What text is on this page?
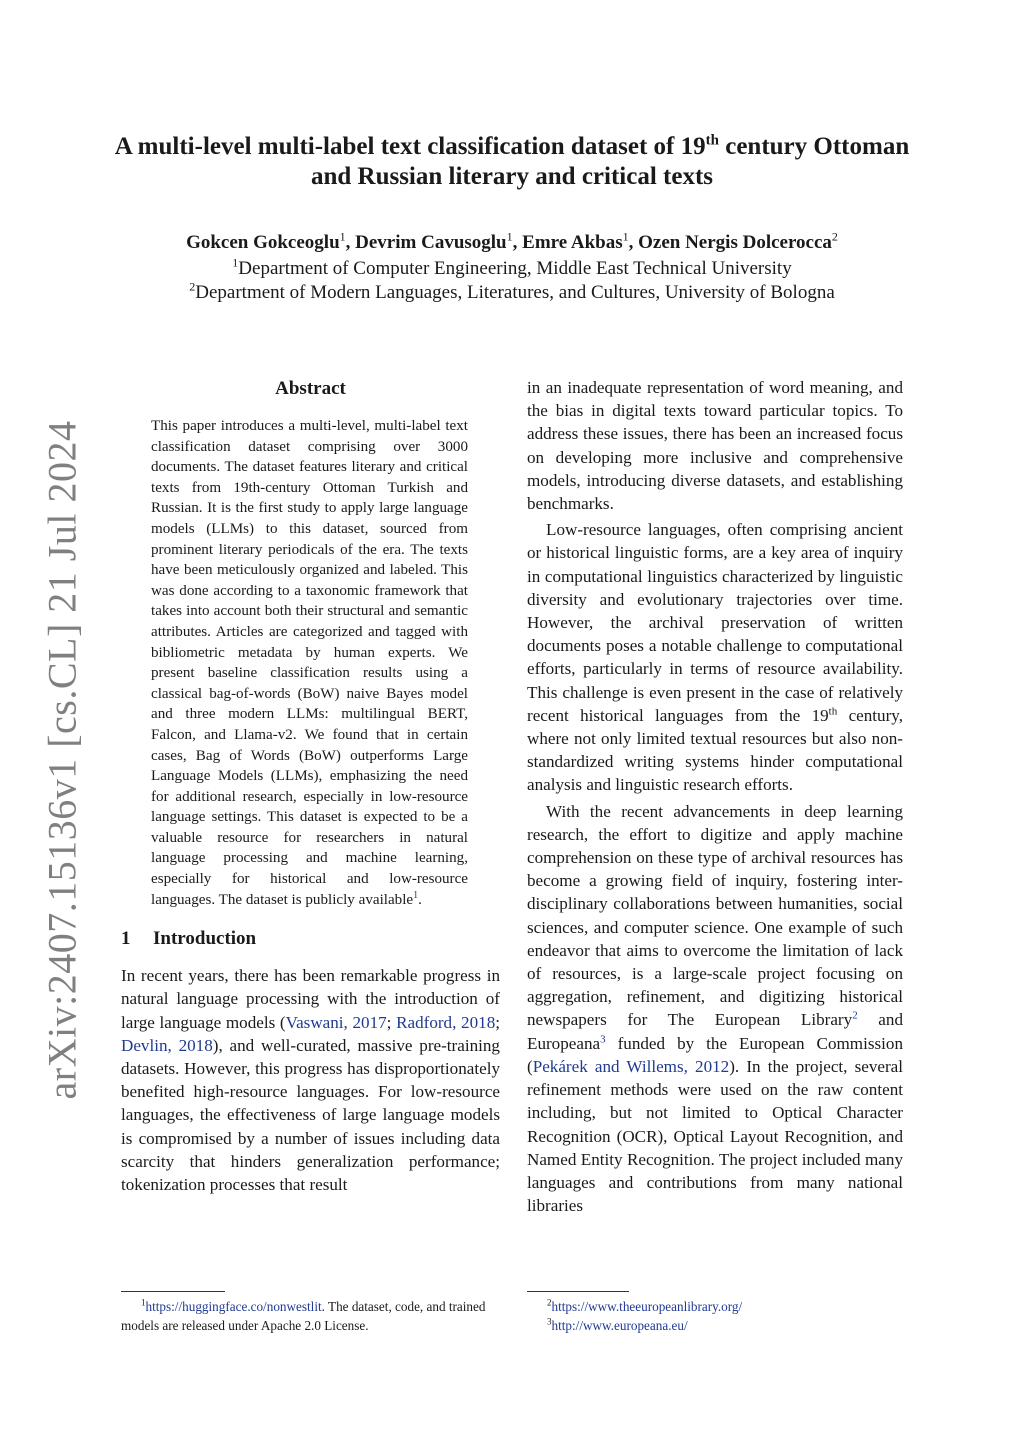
arXiv:2407.15136v1 [cs.CL] 21 Jul 2024
A multi-level multi-label text classification dataset of 19th century Ottoman
and Russian literary and critical texts
Gokcen Gokceoglu$^1$, Devrim Cavusoglu$^1$, Emre Akbas$^1$, Ozen Nergis Dolcerocca$^2$
$^1$Department of Computer Engineering, Middle East Technical University
$^2$Department of Modern Languages, Literatures, and Cultures, University of Bologna
Abstract

This paper introduces a multi-level, multi-label text classification dataset comprising over 3000 documents. The dataset features literary and critical texts from 19th-century Ottoman Turkish and Russian. It is the first study to apply large language models (LLMs) to this dataset, sourced from prominent literary periodicals of the era. The texts have been meticulously organized and labeled. This was done according to a taxonomic framework that takes into account both their structural and semantic attributes. Articles are categorized and tagged with bibliometric metadata by human experts. We present baseline classification results using a classical bag-of-words (BoW) naive Bayes model and three modern LLMs: multilingual BERT, Falcon, and Llama-v2. We found that in certain cases, Bag of Words (BoW) outperforms Large Language Models (LLMs), emphasizing the need for additional research, especially in low-resource language settings. This dataset is expected to be a valuable resource for researchers in natural language processing and machine learning, especially for historical and low-resource languages. The dataset is publicly available$^1$.

1 Introduction

In recent years, there has been remarkable progress in natural language processing with the introduction of large language models (Vaswani, 2017; Radford, 2018; Devlin, 2018), and well-curated, massive pre-training datasets. However, this progress has disproportionately benefited high-resource languages. For low-resource languages, the effectiveness of large language models is compromised by a number of issues including data scarcity that hinders generalization performance; tokenization processes that result

in an inadequate representation of word meaning, and the bias in digital texts toward particular topics. To address these issues, there has been an increased focus on developing more inclusive and comprehensive models, introducing diverse datasets, and establishing benchmarks.

Low-resource languages, often comprising ancient or historical linguistic forms, are a key area of inquiry in computational linguistics characterized by linguistic diversity and evolutionary trajectories over time. However, the archival preservation of written documents poses a notable challenge to computational efforts, particularly in terms of resource availability. This challenge is even present in the case of relatively recent historical languages from the 19th century, where not only limited textual resources but also non-standardized writing systems hinder computational analysis and linguistic research efforts.

With the recent advancements in deep learning research, the effort to digitize and apply machine comprehension on these type of archival resources has become a growing field of inquiry, fostering inter-disciplinary collaborations between humanities, social sciences, and computer science. One example of such endeavor that aims to overcome the limitation of lack of resources, is a large-scale project focusing on aggregation, refinement, and digitizing historical newspapers for The European Library$^2$ and Europeana$^3$ funded by the European Commission (Pekárek and Willems, 2012). In the project, several refinement methods were used on the raw content including, but not limited to Optical Character Recognition (OCR), Optical Layout Recognition, and Named Entity Recognition. The project included many languages and contributions from many national libraries

$^1$https://huggingface.co/nonwestlit. The dataset, code, and trained models are released under Apache 2.0 License.

$^2$https://www.theeuropeanlibrary.org/

$^3$http://www.europeana.eu/
